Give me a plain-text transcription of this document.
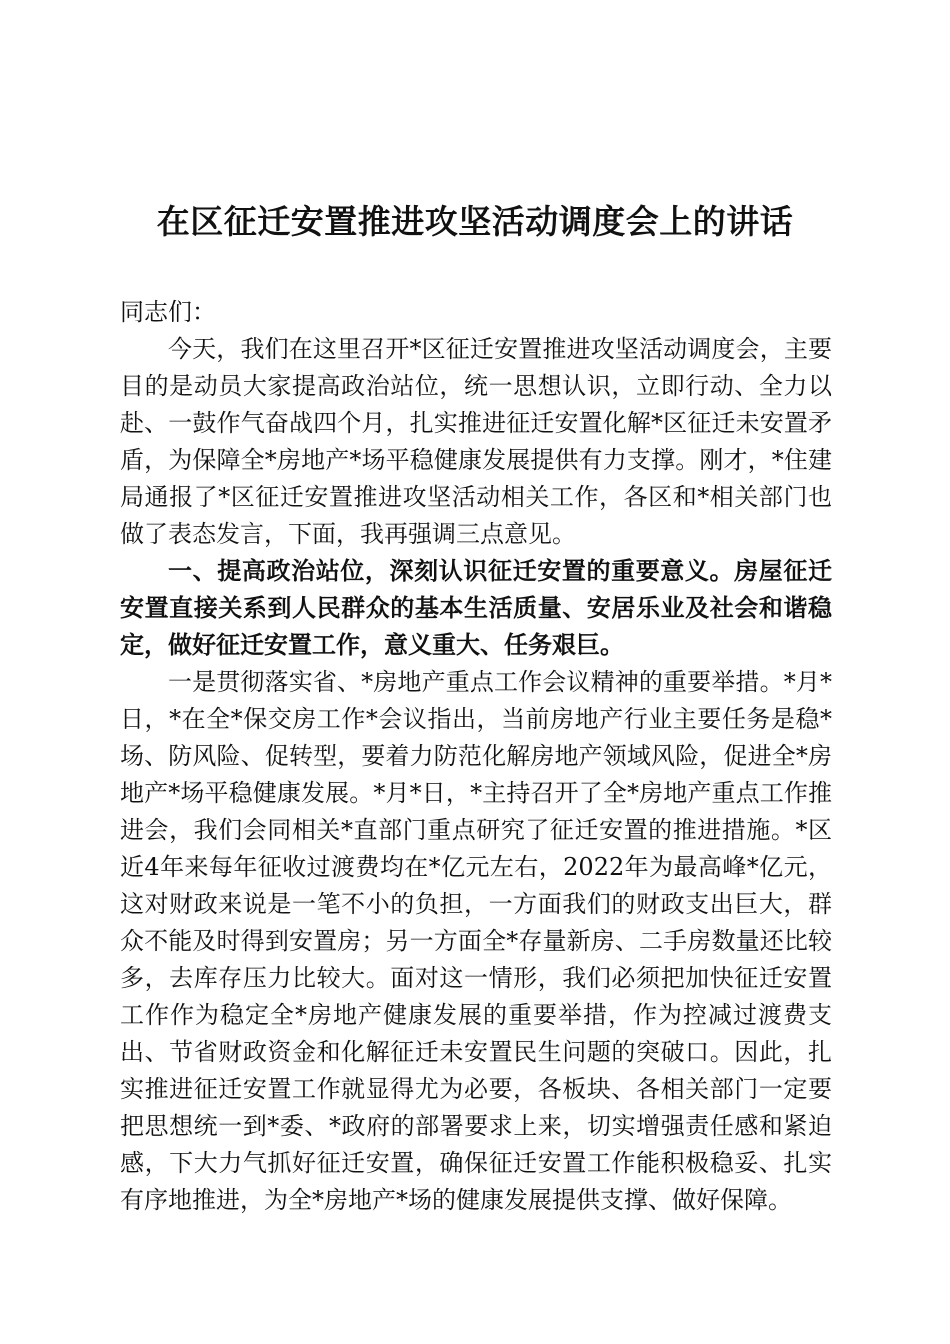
在区征迁安置推进攻坚活动调度会上的讲话

同志们：

今天，我们在这里召开*区征迁安置推进攻坚活动调度会，主要目的是动员大家提高政治站位，统一思想认识，立即行动、全力以赴、一鼓作气奋战四个月，扎实推进征迁安置化解*区征迁未安置矛盾，为保障全*房地产*场平稳健康发展提供有力支撑。刚才，*住建局通报了*区征迁安置推进攻坚活动相关工作，各区和*相关部门也做了表态发言，下面，我再强调三点意见。

一、提高政治站位，深刻认识征迁安置的重要意义。房屋征迁安置直接关系到人民群众的基本生活质量、安居乐业及社会和谐稳定，做好征迁安置工作，意义重大、任务艰巨。

一是贯彻落实省、*房地产重点工作会议精神的重要举措。*月*日，*在全*保交房工作*会议指出，当前房地产行业主要任务是稳*场、防风险、促转型，要着力防范化解房地产领域风险，促进全*房地产*场平稳健康发展。*月*日，*主持召开了全*房地产重点工作推进会，我们会同相关*直部门重点研究了征迁安置的推进措施。*区近4年来每年征收过渡费均在*亿元左右，2022年为最高峰*亿元，这对财政来说是一笔不小的负担，一方面我们的财政支出巨大，群众不能及时得到安置房；另一方面全*存量新房、二手房数量还比较多，去库存压力比较大。面对这一情形，我们必须把加快征迁安置工作作为稳定全*房地产健康发展的重要举措，作为控减过渡费支出、节省财政资金和化解征迁未安置民生问题的突破口。因此，扎实推进征迁安置工作就显得尤为必要，各板块、各相关部门一定要把思想统一到*委、*政府的部署要求上来，切实增强责任感和紧迫感，下大力气抓好征迁安置，确保征迁安置工作能积极稳妥、扎实有序地推进，为全*房地产*场的健康发展提供支撑、做好保障。
